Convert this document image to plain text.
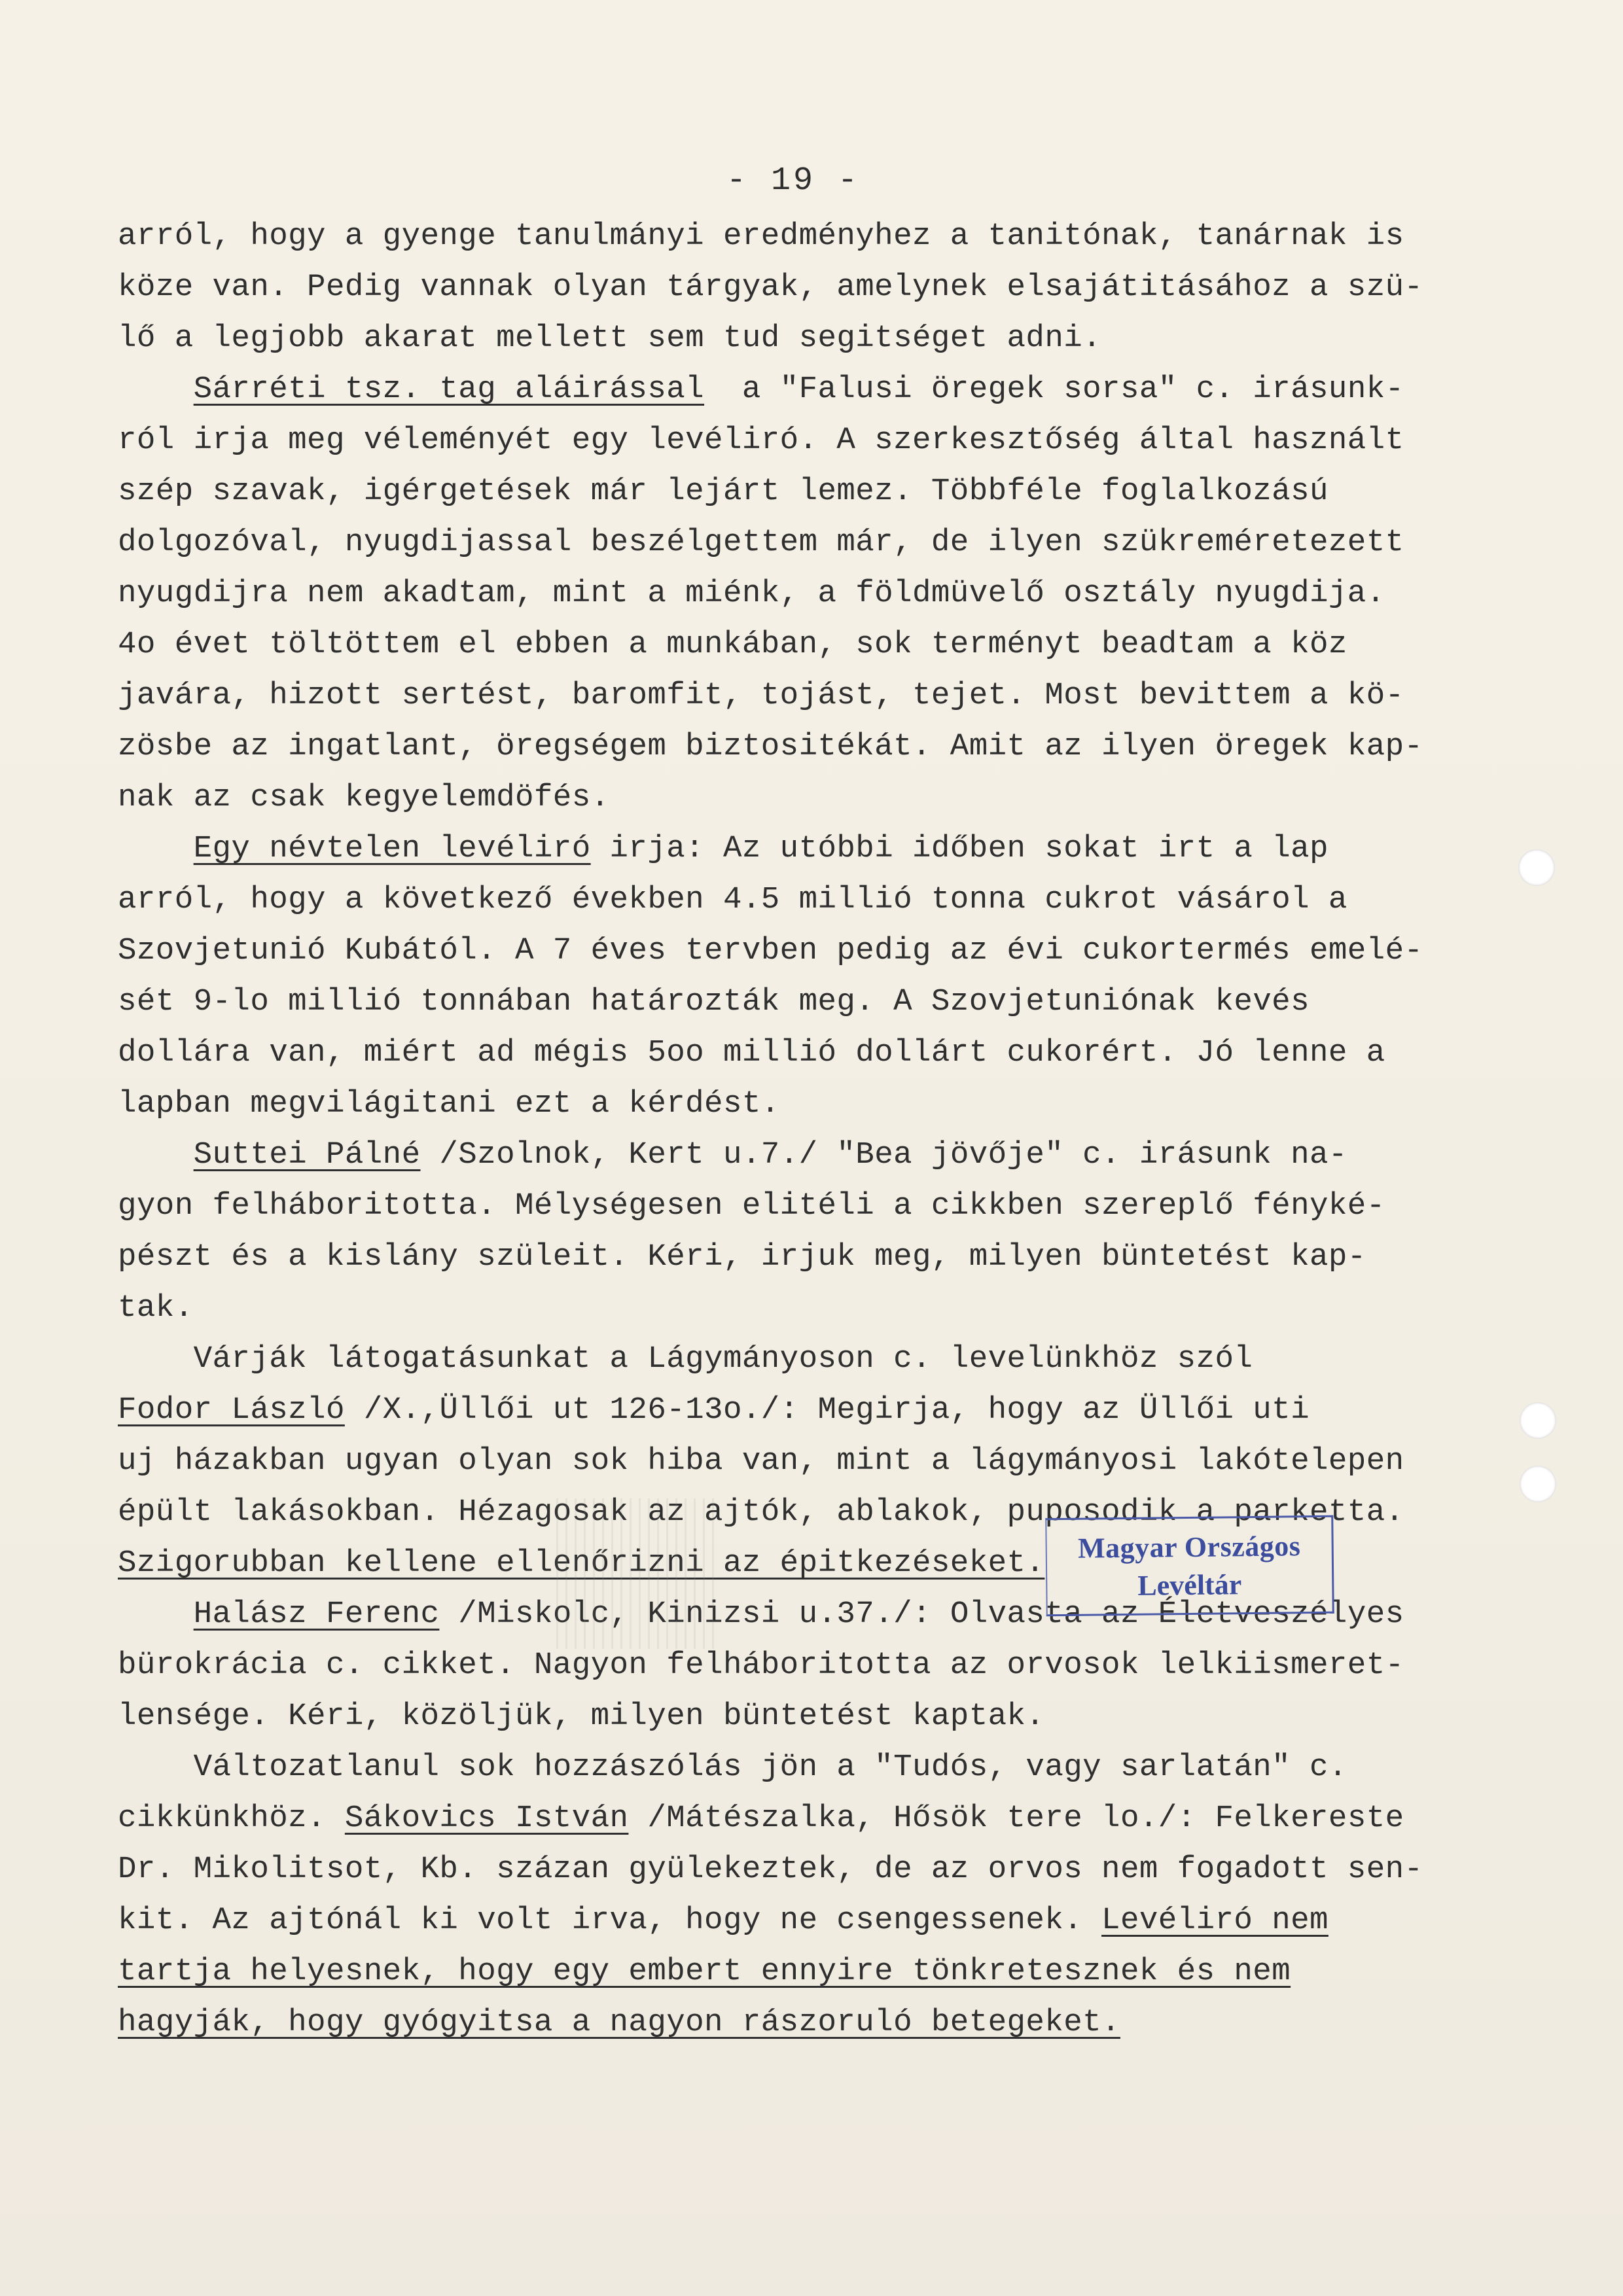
- 19 -
arról, hogy a gyenge tanulmányi eredményhez a tanitónak, tanárnak is
köze van. Pedig vannak olyan tárgyak, amelynek elsajátitásához a szü-
lő a legjobb akarat mellett sem tud segitséget adni.
Sárréti tsz. tag aláirással  a "Falusi öregek sorsa" c. irásunk-
ról irja meg véleményét egy levéliró. A szerkesztőség által használt
szép szavak, igérgetések már lejárt lemez. Többféle foglalkozású
dolgozóval, nyugdijassal beszélgettem már, de ilyen szükreméretezett
nyugdijra nem akadtam, mint a miénk, a földmüvelő osztály nyugdija.
4o évet töltöttem el ebben a munkában, sok terményt beadtam a köz
javára, hizott sertést, baromfit, tojást, tejet. Most bevittem a kö-
zösbe az ingatlant, öregségem biztositékát. Amit az ilyen öregek kap-
nak az csak kegyelemdöfés.
Egy névtelen levéliró irja: Az utóbbi időben sokat irt a lap
arról, hogy a következő években 4.5 millió tonna cukrot vásárol a
Szovjetunió Kubától. A 7 éves tervben pedig az évi cukortermés emelé-
sét 9-lo millió tonnában határozták meg. A Szovjetuniónak kevés
dollára van, miért ad mégis 5oo millió dollárt cukorért. Jó lenne a
lapban megvilágitani ezt a kérdést.
Suttei Pálné /Szolnok, Kert u.7./ "Bea jövője" c. irásunk na-
gyon felháboritotta. Mélységesen elitéli a cikkben szereplő fényké-
pészt és a kislány szüleit. Kéri, irjuk meg, milyen büntetést kap-
tak.
Várják látogatásunkat a Lágymányoson c. levelünkhöz szól
Fodor László /X.,Üllői ut 126-13o./: Megirja, hogy az Üllői uti
uj házakban ugyan olyan sok hiba van, mint a lágymányosi lakótelepen
épült lakásokban. Hézagosak az ajtók, ablakok, puposodik a parketta.
Szigorubban kellene ellenőrizni az épitkezéseket.
Halász Ferenc /Miskolc, Kinizsi u.37./: Olvasta az Életveszélyes
bürokrácia c. cikket. Nagyon felháboritotta az orvosok lelkiismeret-
lensége. Kéri, közöljük, milyen büntetést kaptak.
Változatlanul sok hozzászólás jön a "Tudós, vagy sarlatán" c.
cikkünkhöz. Sákovics István /Mátészalka, Hősök tere lo./: Felkereste
Dr. Mikolitsot, Kb. százan gyülekeztek, de az orvos nem fogadott sen-
kit. Az ajtónál ki volt irva, hogy ne csengessenek. Levéliró nem
tartja helyesnek, hogy egy embert ennyire tönkretesznek és nem
hagyják, hogy gyógyitsa a nagyon rászoruló betegeket.
Magyar Országos
Levéltár
